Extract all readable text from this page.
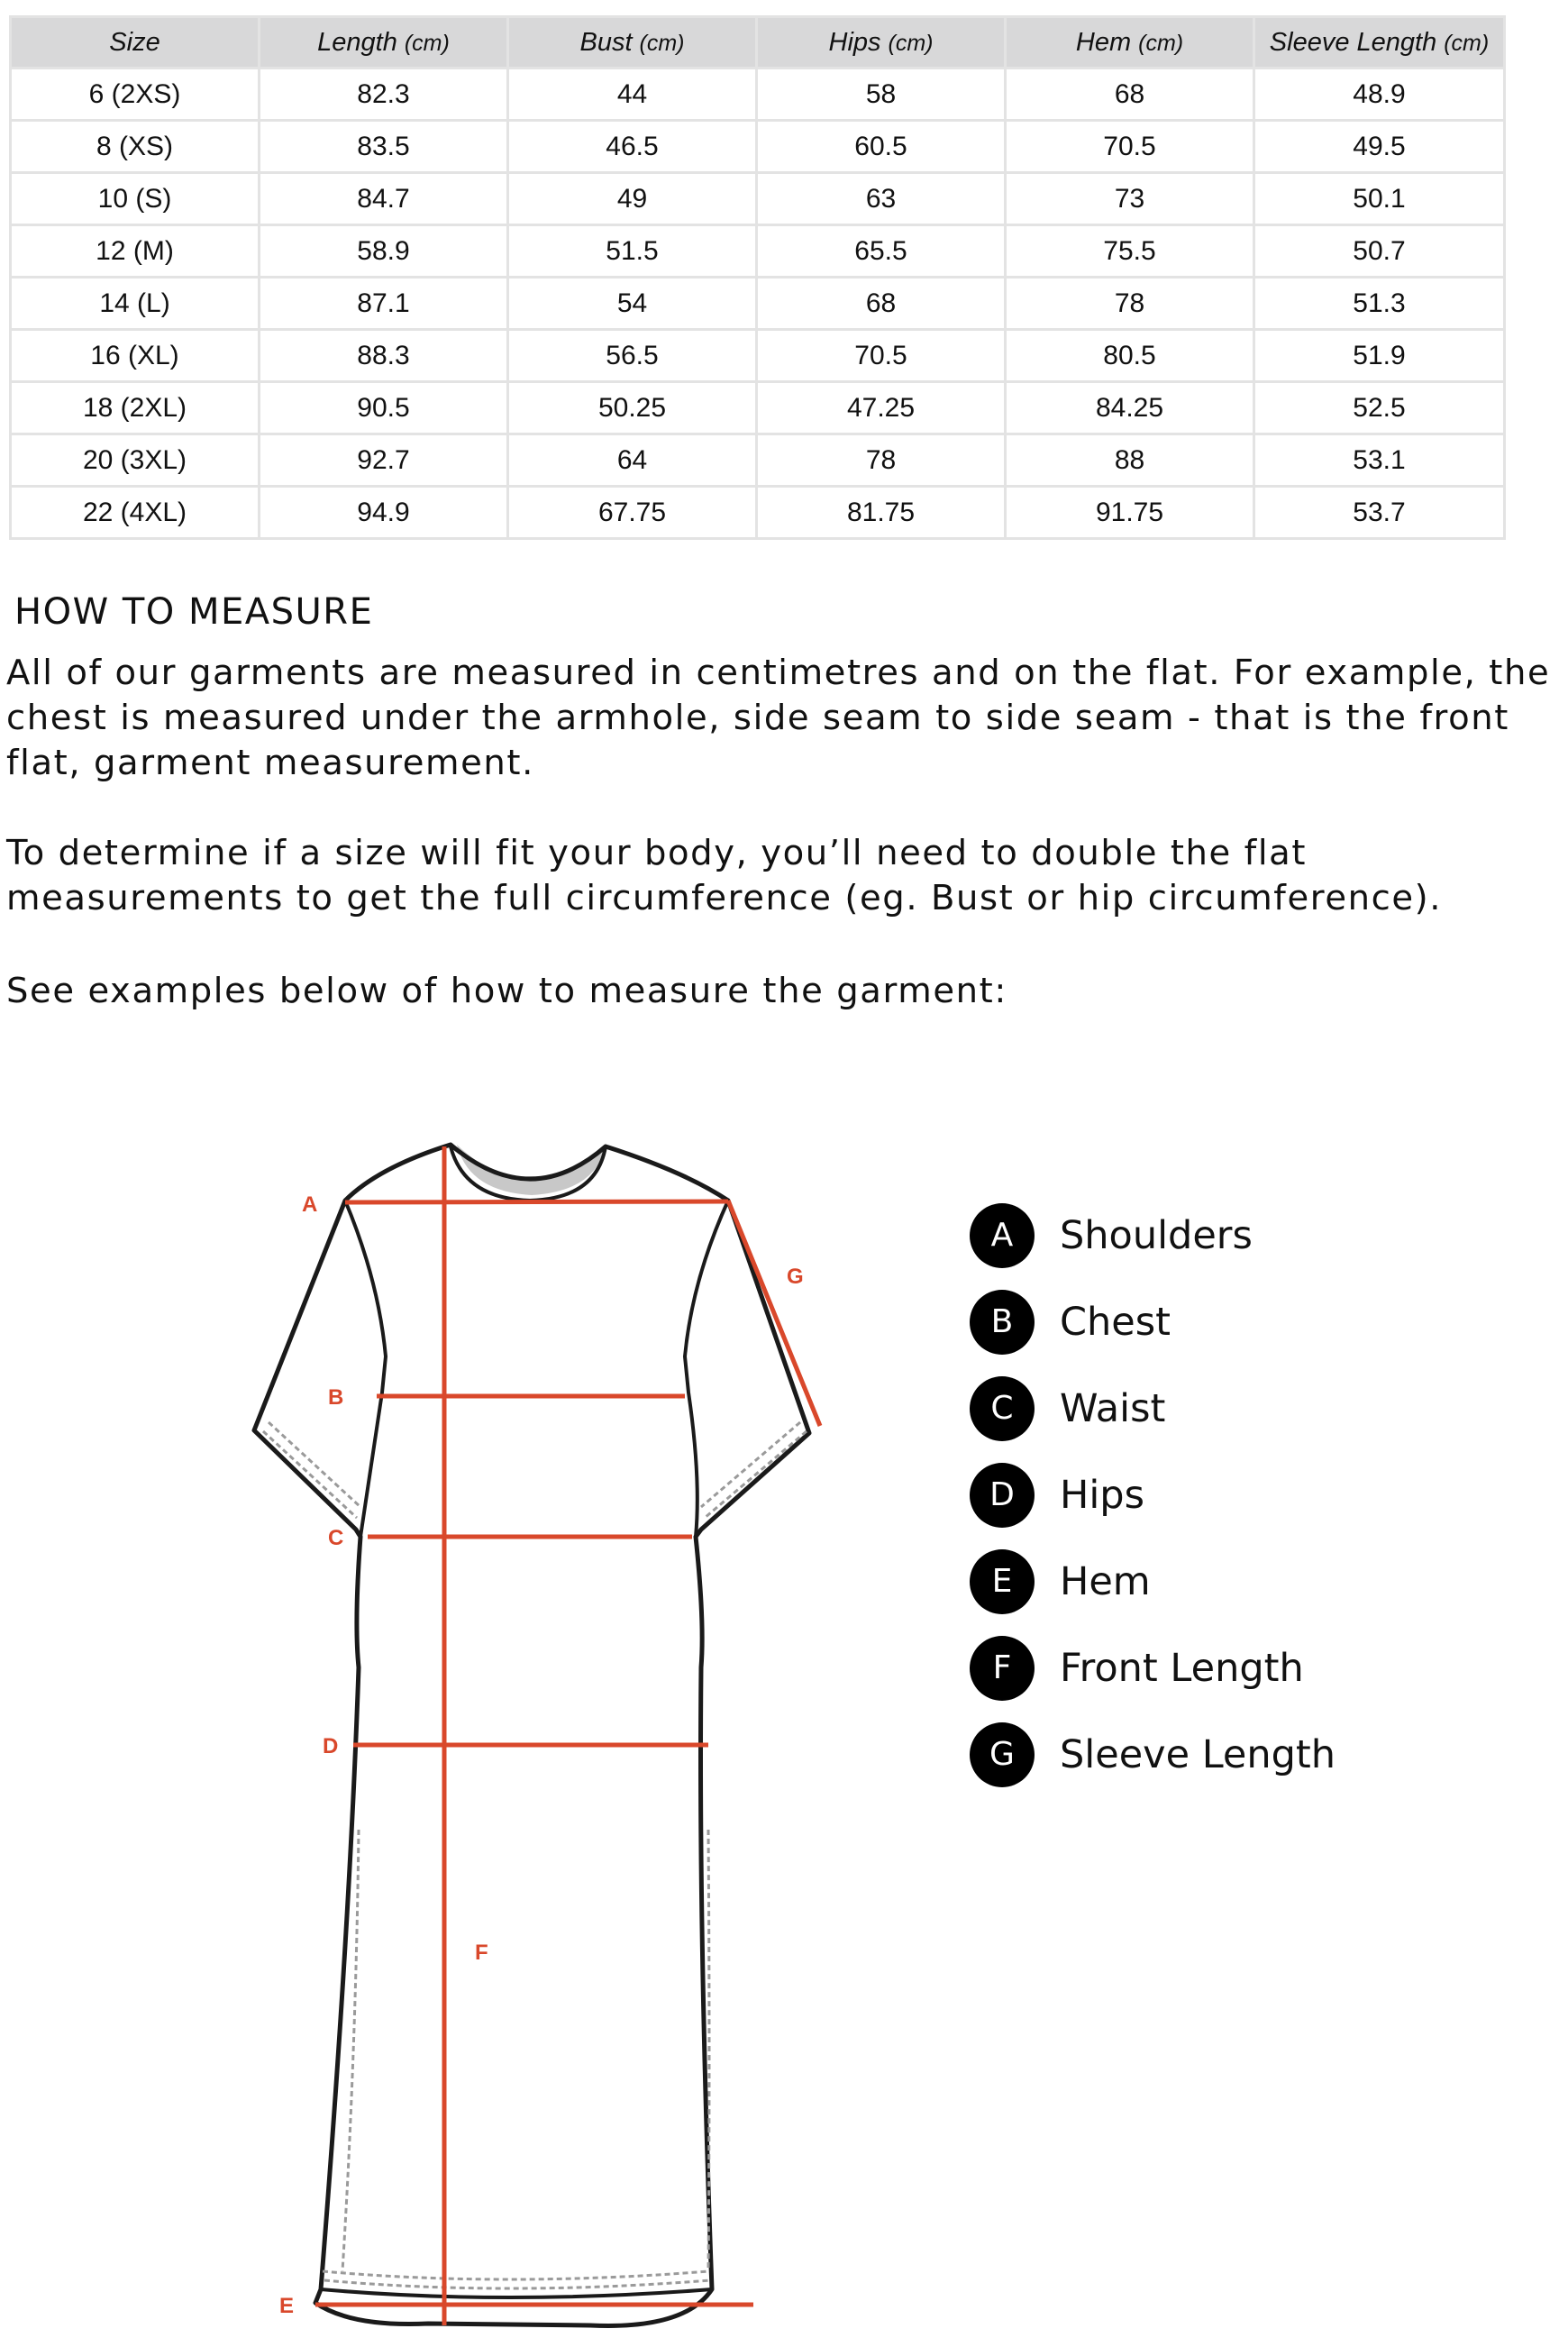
Size	Length (cm)	Bust (cm)	Hips (cm)	Hem (cm)	Sleeve Length (cm)
6 (2XS)	82.3	44	58	68	48.9
8 (XS)	83.5	46.5	60.5	70.5	49.5
10 (S)	84.7	49	63	73	50.1
12 (M)	58.9	51.5	65.5	75.5	50.7
14 (L)	87.1	54	68	78	51.3
16 (XL)	88.3	56.5	70.5	80.5	51.9
18 (2XL)	90.5	50.25	47.25	84.25	52.5
20 (3XL)	92.7	64	78	88	53.1
22 (4XL)	94.9	67.75	81.75	91.75	53.7
HOW TO MEASURE

All of our garments are measured in centimetres and on the flat. For example, the chest is measured under the armhole, side seam to side seam - that is the front flat, garment measurement.

To determine if a size will fit your body, you’ll need to double the flat measurements to get the full circumference (eg. Bust or hip circumference).

See examples below of how to measure the garment:

A
B
C
D
E
F
G
A	Shoulders
B	Chest
C	Waist
D	Hips
E	Hem
F	Front Length
G	Sleeve Length
